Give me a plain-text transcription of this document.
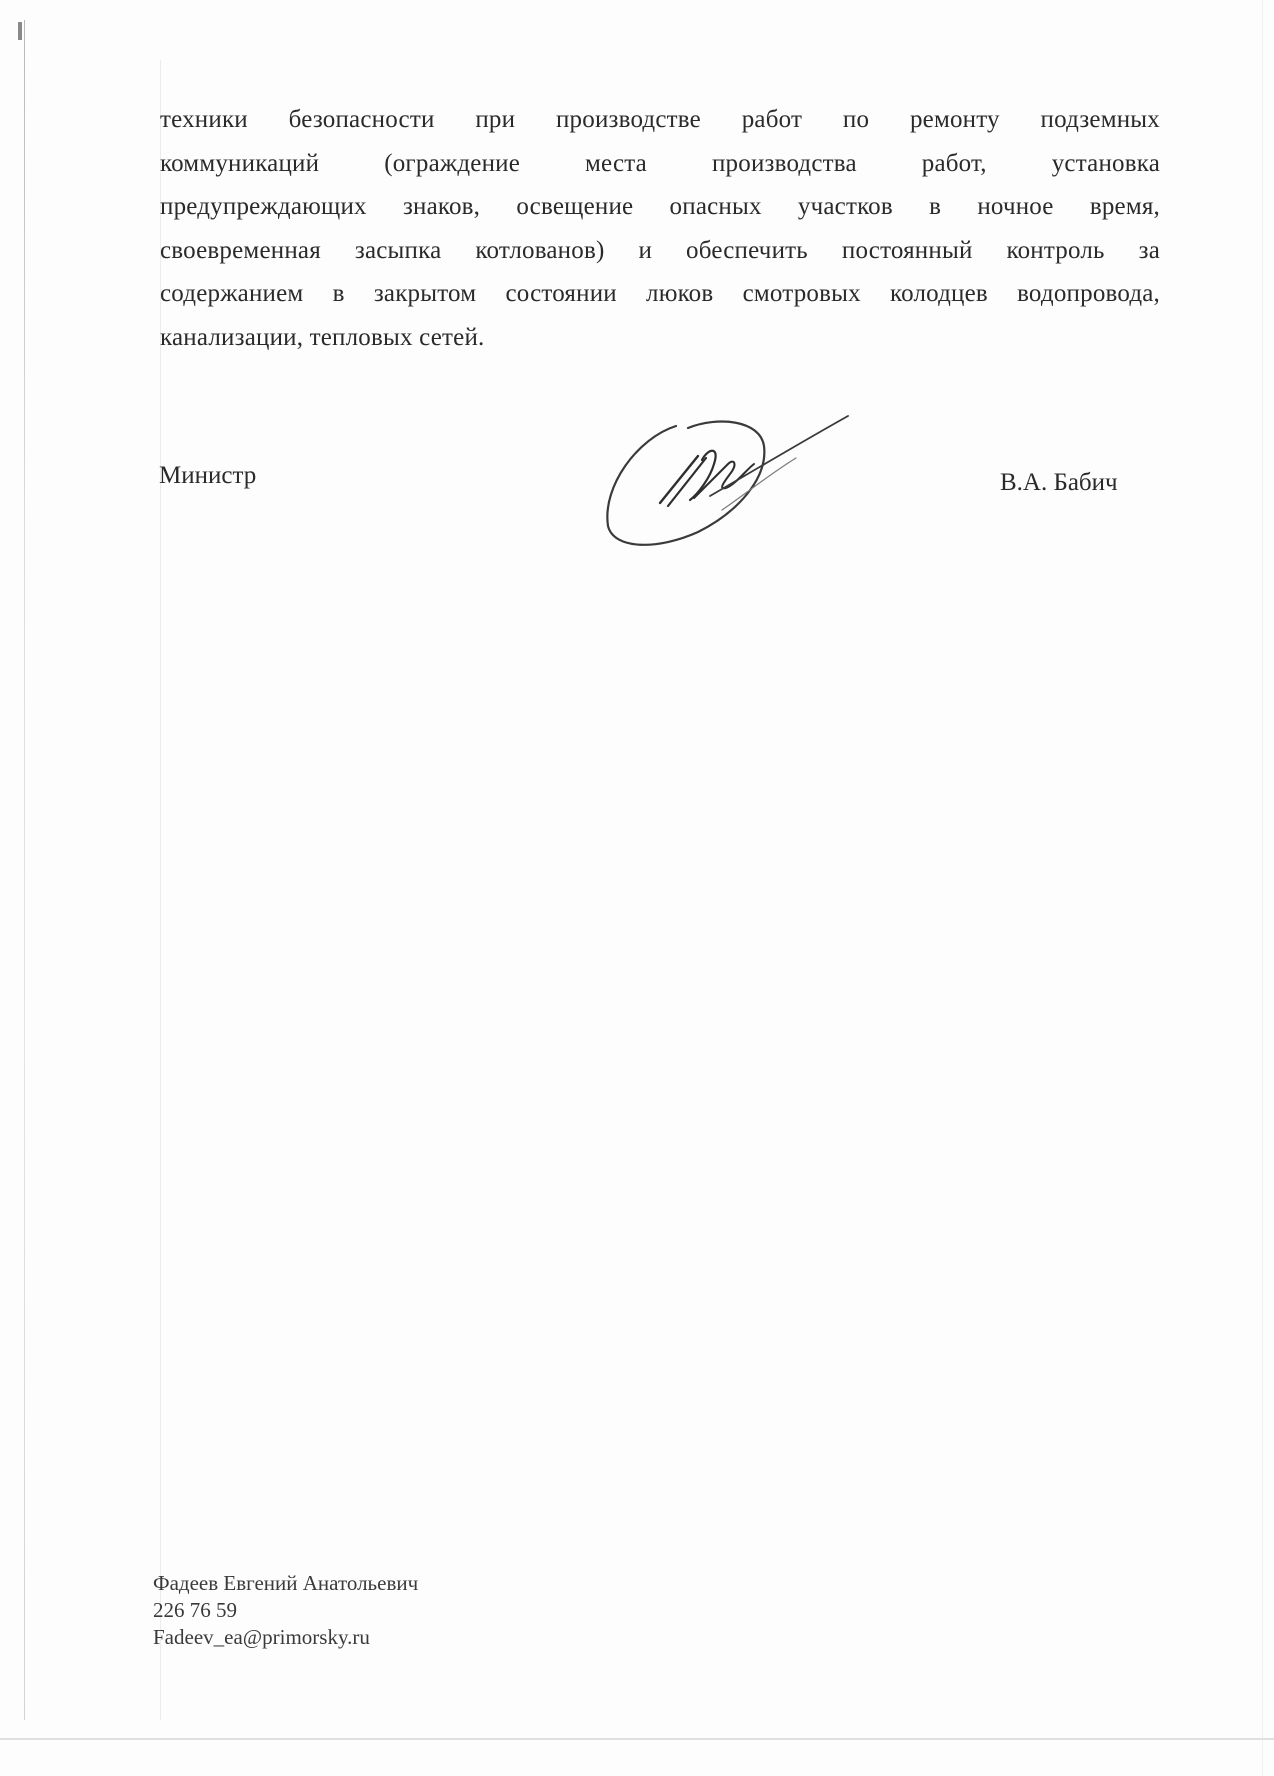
техники безопасности при производстве работ по ремонту подземных
коммуникаций (ограждение места производства работ, установка
предупреждающих знаков, освещение опасных участков в ночное время,
своевременная засыпка котлованов) и обеспечить постоянный контроль за
содержанием в закрытом состоянии люков смотровых колодцев водопровода,
канализации, тепловых сетей.
Министр	В.А. Бабич
Фадеев Евгений Анатольевич
226 76 59
Fadeev_ea@primorsky.ru
